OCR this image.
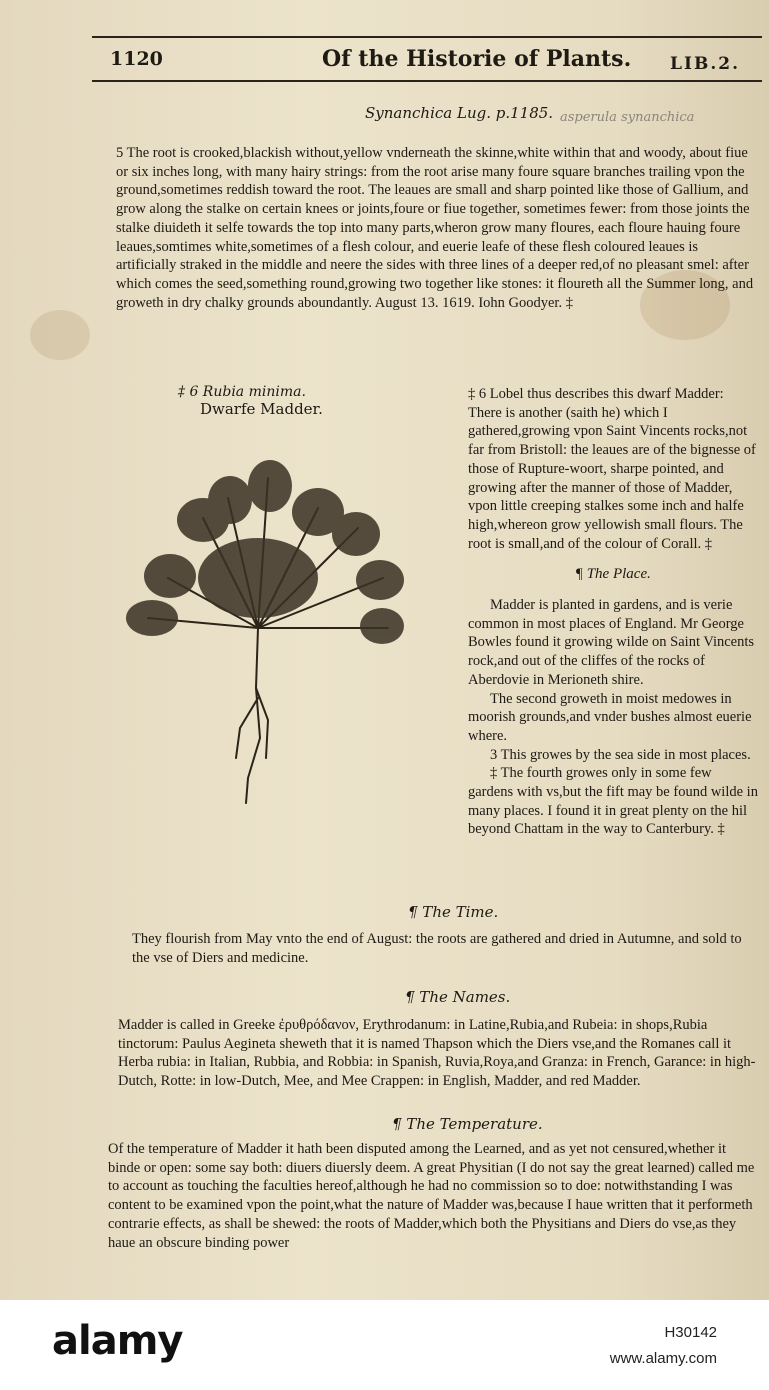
1120	Of the Historie of Plants. LIB.2.
Synanchica Lug. p.1185. asperula synanchica
5 The root is crooked,blackish without,yellow vnderneath the skinne,white within that and woody, about fiue or six inches long, with many hairy strings: from the root arise many foure square branches trailing vpon the ground,sometimes reddish toward the root. The leaues are small and sharp pointed like those of Gallium, and grow along the stalke on certain knees or joints,foure or fiue together, sometimes fewer: from those joints the stalke diuideth it selfe towards the top into many parts,wheron grow many floures, each floure hauing foure leaues,somtimes white,sometimes of a flesh colour, and euerie leafe of these flesh coloured leaues is artificially straked in the middle and neere the sides with three lines of a deeper red,of no pleasant smel: after which comes the seed,something round,growing two together like stones: it floureth all the Summer long, and groweth in dry chalky grounds aboundantly. August 13. 1619. Iohn Goodyer. ‡
‡ 6 Rubia minima.
Dwarfe Madder.

‡ 6 Lobel thus describes this dwarf Madder: There is another (saith he) which I gathered,growing vpon Saint Vincents rocks,not far from Bristoll: the leaues are of the bignesse of those of Rupture-woort, sharpe pointed, and growing after the manner of those of Madder, vpon little creeping stalkes some inch and halfe high,whereon grow yellowish small flours. The root is small,and of the colour of Corall. ‡

¶ The Place.

Madder is planted in gardens, and is verie common in most places of England. Mr George Bowles found it growing wilde on Saint Vincents rock,and out of the cliffes of the rocks of Aberdovie in Merioneth shire.

The second groweth in moist medowes in moorish grounds,and vnder bushes almost euerie where.

3 This growes by the sea side in most places.

‡ The fourth growes only in some few gardens with vs,but the fift may be found wilde in many places. I found it in great plenty on the hil beyond Chattam in the way to Canterbury. ‡

¶ The Time.
They flourish from May vnto the end of August: the roots are gathered and dried in Autumne, and sold to the vse of Diers and medicine.
¶ The Names.
Madder is called in Greeke ἐρυθρόδανον, Erythrodanum: in Latine,Rubia,and Rubeia: in shops,Rubia tinctorum: Paulus Aegineta sheweth that it is named Thapson which the Diers vse,and the Romanes call it Herba rubia: in Italian, Rubbia, and Robbia: in Spanish, Ruvia,Roya,and Granza: in French, Garance: in high-Dutch, Rotte: in low-Dutch, Mee, and Mee Crappen: in English, Madder, and red Madder.
¶ The Temperature.
Of the temperature of Madder it hath been disputed among the Learned, and as yet not censured,whether it binde or open: some say both: diuers diuersly deem. A great Physitian (I do not say the great learned) called me to account as touching the faculties hereof,although he had no commission so to doe: notwithstanding I was content to be examined vpon the point,what the nature of Madder was,because I haue written that it performeth contrarie effects, as shall be shewed: the roots of Madder,which both the Physitians and Diers do vse,as they haue an obscure binding power
alamy	H30142
www.alamy.com
